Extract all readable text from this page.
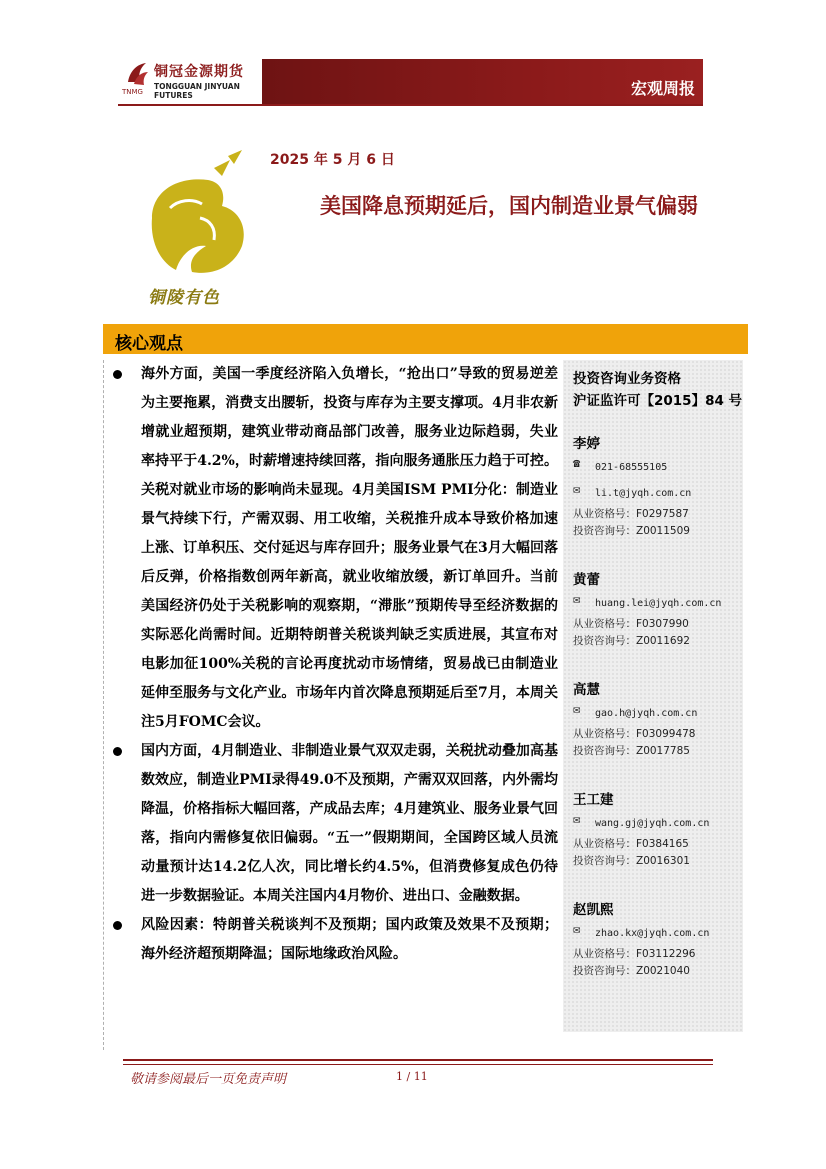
铜冠金源期货
TNMG
TONGGUAN JINYUAN FUTURES	宏观周报
铜陵有色
2025 年 5 月 6 日
美国降息预期延后，国内制造业景气偏弱
核心观点
海外方面，美国一季度经济陷入负增长，“抢出口”导致的贸易逆差为主要拖累，消费支出腰斩，投资与库存为主要支撑项。4月非农新增就业超预期，建筑业带动商品部门改善，服务业边际趋弱，失业率持平于4.2%，时薪增速持续回落，指向服务通胀压力趋于可控。关税对就业市场的影响尚未显现。4月美国ISM PMI分化：制造业景气持续下行，产需双弱、用工收缩，关税推升成本导致价格加速上涨、订单积压、交付延迟与库存回升；服务业景气在3月大幅回落后反弹，价格指数创两年新高，就业收缩放缓，新订单回升。当前美国经济仍处于关税影响的观察期，“滞胀”预期传导至经济数据的实际恶化尚需时间。近期特朗普关税谈判缺乏实质进展，其宣布对电影加征100%关税的言论再度扰动市场情绪，贸易战已由制造业延伸至服务与文化产业。市场年内首次降息预期延后至7月，本周关注5月FOMC会议。
国内方面，4月制造业、非制造业景气双双走弱，关税扰动叠加高基数效应，制造业PMI录得49.0不及预期，产需双双回落，内外需均降温，价格指标大幅回落，产成品去库；4月建筑业、服务业景气回落，指向内需修复依旧偏弱。“五一”假期期间，全国跨区域人员流动量预计达14.2亿人次，同比增长约4.5%，但消费修复成色仍待进一步数据验证。本周关注国内4月物价、进出口、金融数据。
风险因素：特朗普关税谈判不及预期；国内政策及效果不及预期；海外经济超预期降温；国际地缘政治风险。
投资咨询业务资格
沪证监许可【2015】84 号
李婷
☎ 021-68555105
✉ li.t@jyqh.com.cn
从业资格号：F0297587
投资咨询号：Z0011509
黄蕾
✉ huang.lei@jyqh.com.cn
从业资格号：F0307990
投资咨询号：Z0011692
高慧
✉ gao.h@jyqh.com.cn
从业资格号：F03099478
投资咨询号：Z0017785
王工建
✉ wang.gj@jyqh.com.cn
从业资格号：F0384165
投资咨询号：Z0016301
赵凯熙
✉ zhao.kx@jyqh.com.cn
从业资格号：F03112296
投资咨询号：Z0021040
敬请参阅最后一页免责声明	1 / 11
